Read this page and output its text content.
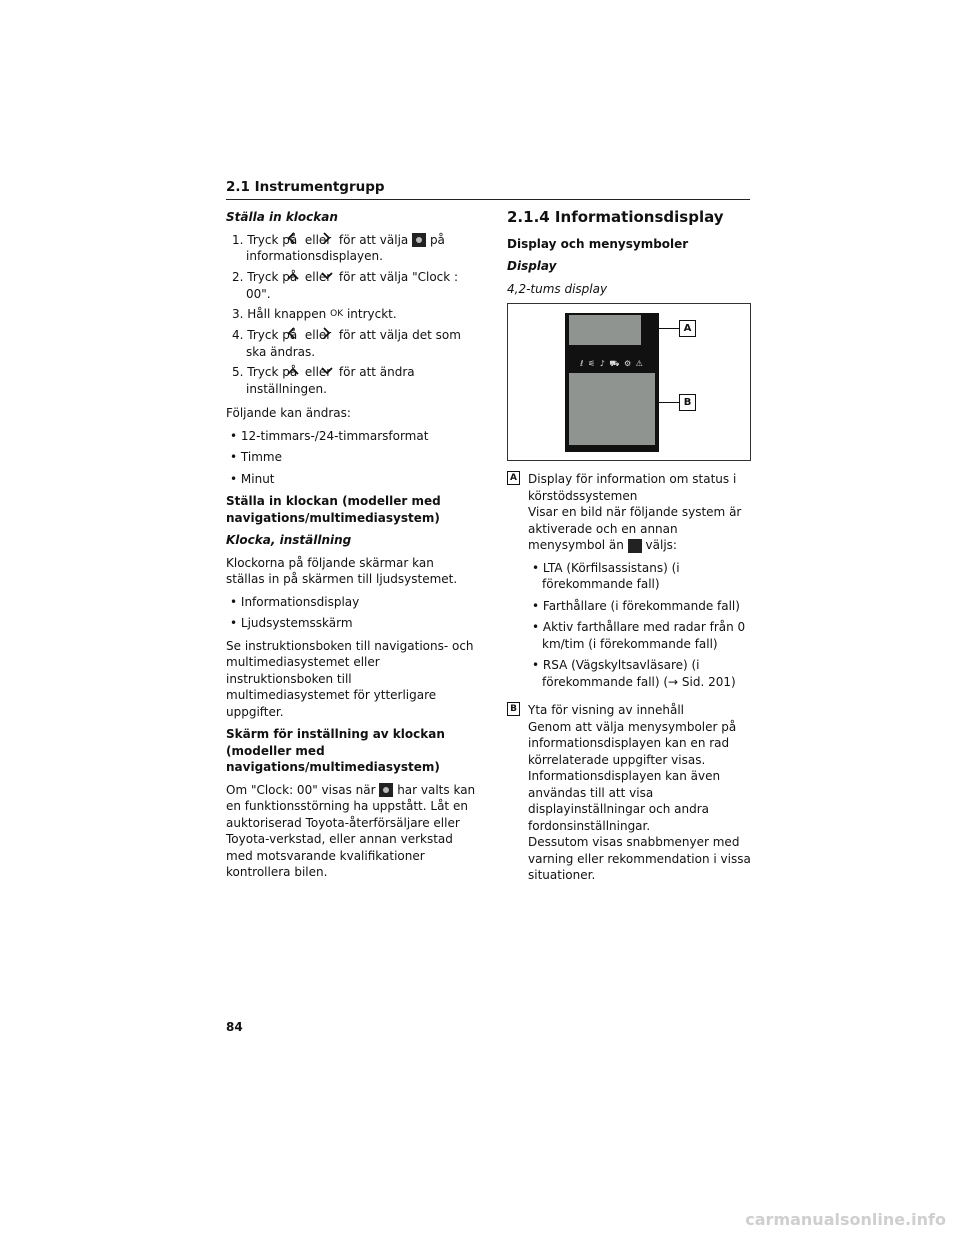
2.1 Instrumentgrupp

Ställa in klockan

1. Tryck på eller för att välja på informationsdisplayen.
2. Tryck på eller för att välja "Clock : 00".
3. Håll knappen OK intryckt.
4. Tryck på eller för att välja det som ska ändras.
5. Tryck på eller för att ändra inställningen.

Följande kan ändras:

• 12-timmars-/24-timmarsformat
• Timme
• Minut

Ställa in klockan (modeller med navigations/multimediasystem)

Klocka, inställning

Klockorna på följande skärmar kan ställas in på skärmen till ljudsystemet.

• Informationsdisplay
• Ljudsystemsskärm

Se instruktionsboken till navigations- och multimediasystemet eller instruktionsboken till multimediasystemet för ytterligare uppgifter.

Skärm för inställning av klockan (modeller med navigations/multimediasystem)

Om "Clock: 00" visas när har valts kan en funktionsstörning ha uppstått. Låt en auktoriserad Toyota-återförsäljare eller Toyota-verkstad, eller annan verkstad med motsvarande kvalifikationer kontrollera bilen.

2.1.4 Informationsdisplay

Display och menysymboler

Display

4,2-tums display

ℓ ⚟ ♪ ⛟ ⚙ ⚠
A
B
A Display för information om status i körstödssystemen
Visar en bild när följande system är aktiverade och en annan menysymbol än väljs:
• LTA (Körfilsassistans) (i förekommande fall)
• Farthållare (i förekommande fall)
• Aktiv farthållare med radar från 0 km/tim (i förekommande fall)
• RSA (Vägskyltsavläsare) (i förekommande fall) (→ Sid. 201)
B Yta för visning av innehåll
Genom att välja menysymboler på informationsdisplayen kan en rad körrelaterade uppgifter visas. Informationsdisplayen kan även användas till att visa displayinställningar och andra fordonsinställningar.
Dessutom visas snabbmenyer med varning eller rekommendation i vissa situationer.
84
carmanualsonline.info
